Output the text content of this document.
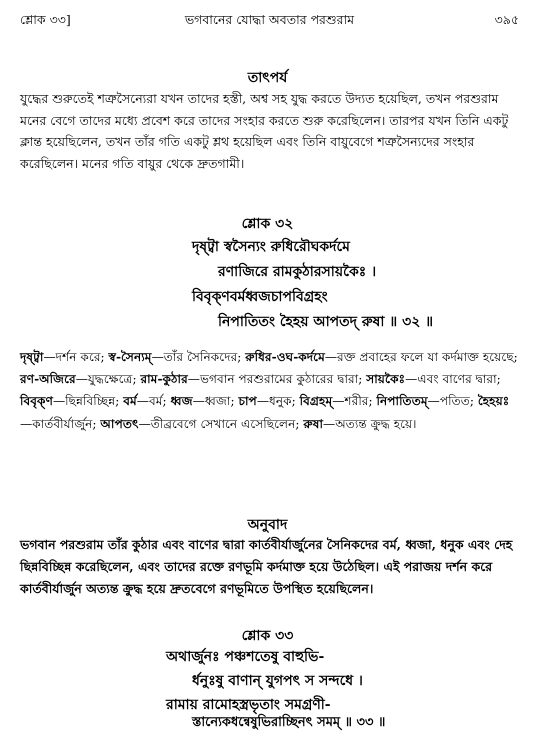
শ্লোক ৩৩]	ভগবানের যোদ্ধা অবতার পরশুরাম	৩৯৫
তাৎপর্য
যুদ্ধের শুরুতেই শত্রুসৈন্যেরা যখন তাদের হস্তী, অশ্ব সহ যুদ্ধ করতে উদ্যত হয়েছিল, তখন পরশুরাম মনের বেগে তাদের মধ্যে প্রবেশ করে তাদের সংহার করতে শুরু করেছিলেন। তারপর যখন তিনি একটু ক্লান্ত হয়েছিলেন, তখন তাঁর গতি একটু শ্লথ হয়েছিল এবং তিনি বায়ুবেগে শত্রুসৈন্যদের সংহার করেছিলেন। মনের গতি বায়ুর থেকে দ্রুতগামী।
শ্লোক ৩২
দৃষ্ট্বা স্বসৈন্যং রুধিরৌঘকর্দমে
রণাজিরে রামকুঠারসায়কৈঃ ।
বিবৃক্ণবর্মধ্বজচাপবিগ্রহং
নিপাতিতং হৈহয় আপতদ্ রুষা ॥ ৩২ ॥
দৃষ্ট্বা—দর্শন করে; স্ব-সৈন্যম্—তাঁর সৈনিকদের; রুধির-ওঘ-কর্দমে—রক্ত প্রবাহের ফলে যা কর্দমাক্ত হয়েছে; রণ-অজিরে—যুদ্ধক্ষেত্রে; রাম-কুঠার—ভগবান পরশুরামের কুঠারের দ্বারা; সায়কৈঃ—এবং বাণের দ্বারা; বিবৃক্ণ—ছিন্নবিচ্ছিন্ন; বর্ম—বর্ম; ধ্বজ—ধ্বজা; চাপ—ধনুক; বিগ্রহম্—শরীর; নিপাতিতম্—পতিত; হৈহয়ঃ—কার্তবীর্যার্জুন; আপতৎ—তীব্রবেগে সেখানে এসেছিলেন; রুষা—অত্যন্ত ক্রুদ্ধ হয়ে।
অনুবাদ
ভগবান পরশুরাম তাঁর কুঠার এবং বাণের দ্বারা কার্তবীর্যার্জুনের সৈনিকদের বর্ম, ধ্বজা, ধনুক এবং দেহ ছিন্নবিচ্ছিন্ন করেছিলেন, এবং তাদের রক্তে রণভূমি কর্দমাক্ত হয়ে উঠেছিল। এই পরাজয় দর্শন করে কার্তবীর্যার্জুন অত্যন্ত ক্রুদ্ধ হয়ে দ্রুতবেগে রণভূমিতে উপস্থিত হয়েছিলেন।
শ্লোক ৩৩
অথার্জুনঃ পঞ্চশতেষু বাহুভি-
র্ধনুঃষু বাণান্ যুগপৎ স সন্দধে ।
রামায় রামোহস্ত্রভৃতাং সমগ্রণী-
স্তান্যেকধন্বেষুভিরাচ্ছিনৎ সমম্ ॥ ৩৩ ॥
